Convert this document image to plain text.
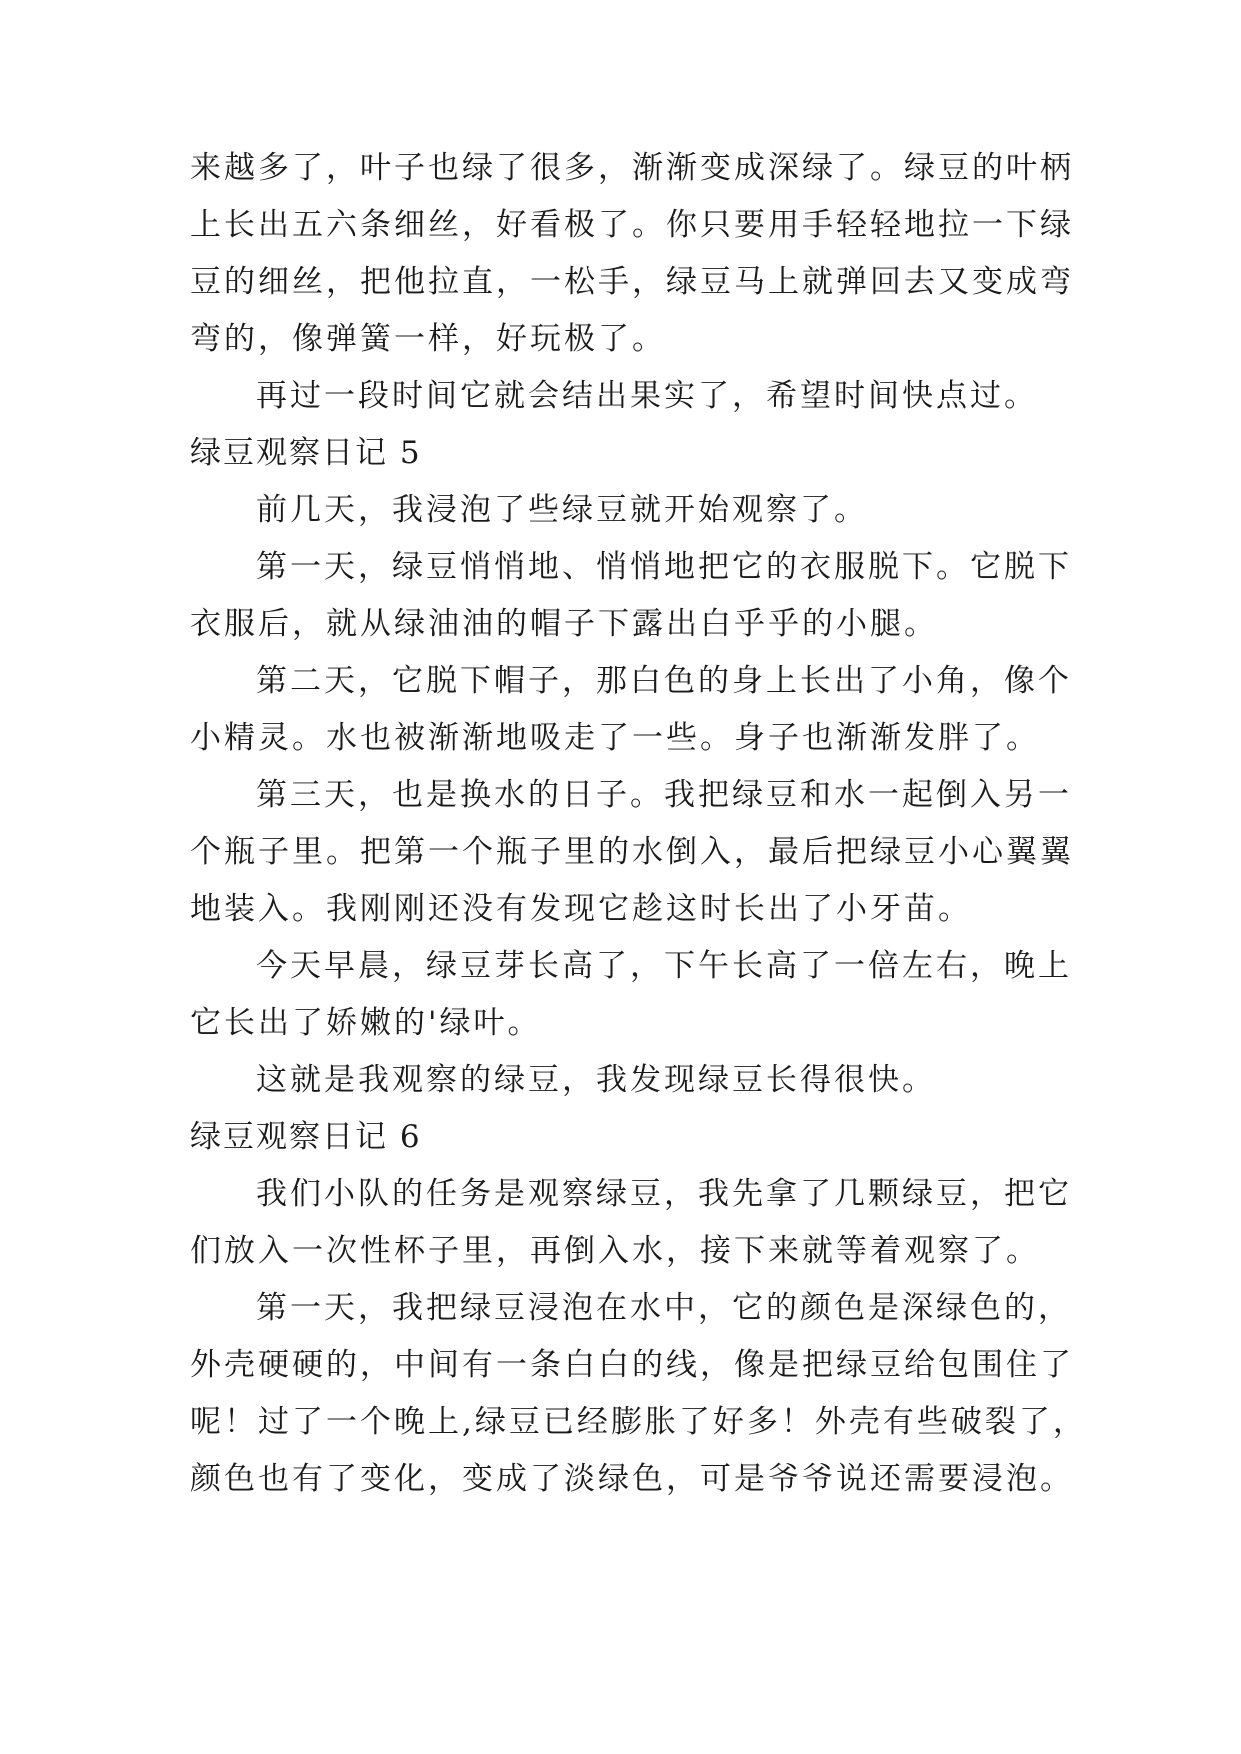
来越多了，叶子也绿了很多，渐渐变成深绿了。绿豆的叶柄
上长出五六条细丝，好看极了。你只要用手轻轻地拉一下绿
豆的细丝，把他拉直，一松手，绿豆马上就弹回去又变成弯
弯的，像弹簧一样，好玩极了。
再过一段时间它就会结出果实了，希望时间快点过。
绿豆观察日记 5
前几天，我浸泡了些绿豆就开始观察了。
第一天，绿豆悄悄地、悄悄地把它的衣服脱下。它脱下
衣服后，就从绿油油的帽子下露出白乎乎的小腿。
第二天，它脱下帽子，那白色的身上长出了小角，像个
小精灵。水也被渐渐地吸走了一些。身子也渐渐发胖了。
第三天，也是换水的日子。我把绿豆和水一起倒入另一
个瓶子里。把第一个瓶子里的水倒入，最后把绿豆小心翼翼
地装入。我刚刚还没有发现它趁这时长出了小牙苗。
今天早晨，绿豆芽长高了，下午长高了一倍左右，晚上
它长出了娇嫩的'绿叶。
这就是我观察的绿豆，我发现绿豆长得很快。
绿豆观察日记 6
我们小队的任务是观察绿豆，我先拿了几颗绿豆，把它
们放入一次性杯子里，再倒入水，接下来就等着观察了。
第一天，我把绿豆浸泡在水中，它的颜色是深绿色的，
外壳硬硬的，中间有一条白白的线，像是把绿豆给包围住了
呢！过了一个晚上,绿豆已经膨胀了好多！外壳有些破裂了，
颜色也有了变化，变成了淡绿色，可是爷爷说还需要浸泡。
